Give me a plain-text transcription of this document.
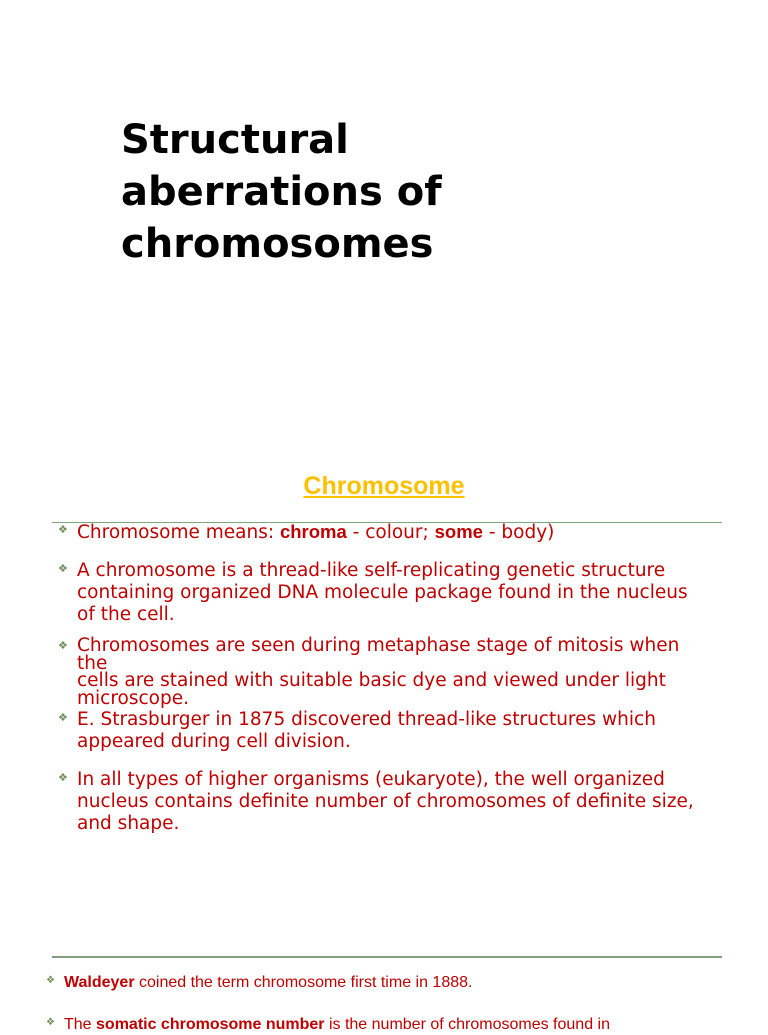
Structural
aberrations of
chromosomes
Chromosome
❖ Chromosome means: chroma - colour; some - body)
❖ A chromosome is a thread-like self-replicating genetic structure
containing organized DNA molecule package found in the nucleus
of the cell.
❖ Chromosomes are seen during metaphase stage of mitosis when the
cells are stained with suitable basic dye and viewed under light
microscope.
❖ E. Strasburger in 1875 discovered thread-like structures which
appeared during cell division.
❖ In all types of higher organisms (eukaryote), the well organized
nucleus contains definite number of chromosomes of definite size,
and shape.
❖ Waldeyer coined the term chromosome first time in 1888.
❖ The somatic chromosome number is the number of chromosomes found in
